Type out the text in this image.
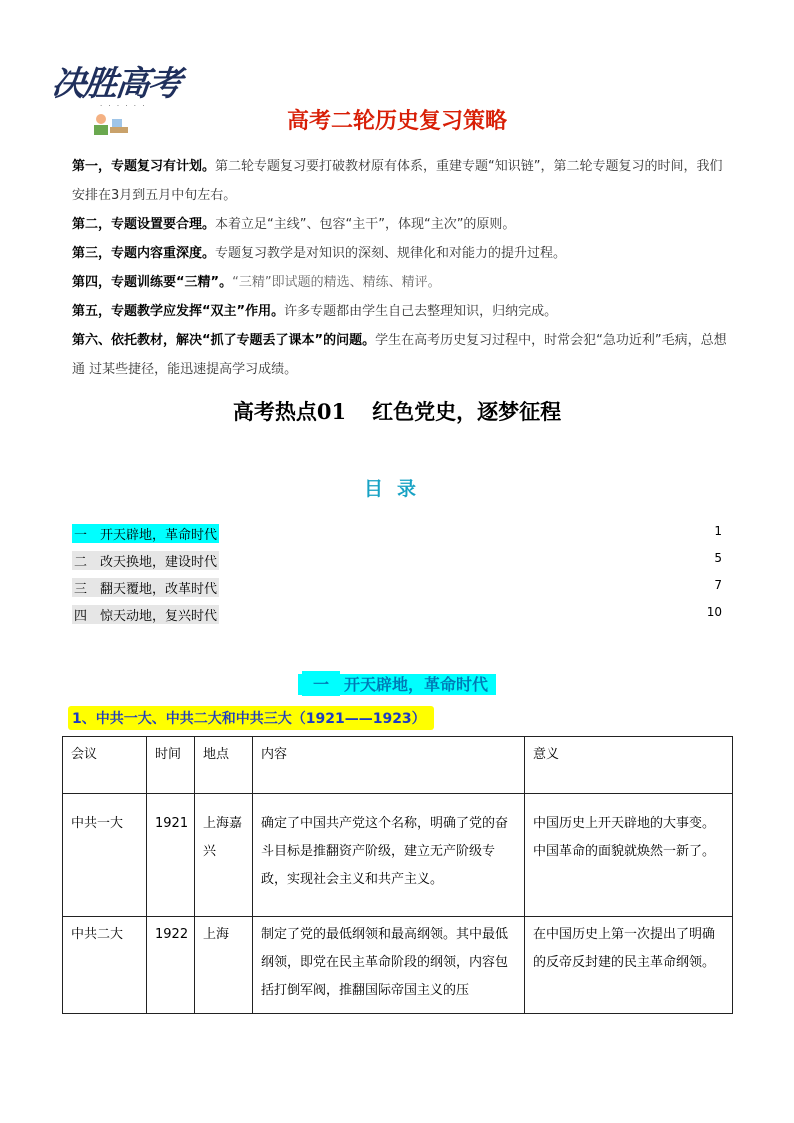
决胜高考
· · · · · ·
高考二轮历史复习策略

第一，专题复习有计划。第二轮专题复习要打破教材原有体系，重建专题“知识链”，第二轮专题复习的时间，我们安排在3月到五月中旬左右。

第二，专题设置要合理。本着立足“主线”、包容“主干”，体现“主次”的原则。

第三，专题内容重深度。专题复习教学是对知识的深刻、规律化和对能力的提升过程。

第四，专题训练要“三精”。“三精”即试题的精选、精练、精评。

第五，专题教学应发挥“双主”作用。许多专题都由学生自己去整理知识，归纳完成。

第六、依托教材，解决“抓了专题丢了课本”的问题。学生在高考历史复习过程中，时常会犯“急功近利”毛病，总想通 过某些捷径，能迅速提高学习成绩。

高考热点01 红色党史，逐梦征程
目录
一 开天辟地，革命时代	1
二 改天换地，建设时代	5
三 翻天覆地，改革时代	7
四 惊天动地，复兴时代	10
一 开天辟地，革命时代
1、中共一大、中共二大和中共三大（1921——1923）
会议	时间	地点	内容	意义
中共一大	1921	上海嘉兴	确定了中国共产党这个名称，明确了党的奋斗目标是推翻资产阶级，建立无产阶级专政，实现社会主义和共产主义。	中国历史上开天辟地的大事变。中国革命的面貌就焕然一新了。
中共二大	1922	上海	制定了党的最低纲领和最高纲领。其中最低纲领，即党在民主革命阶段的纲领，内容包括打倒军阀，推翻国际帝国主义的压	在中国历史上第一次提出了明确的反帝反封建的民主革命纲领。
